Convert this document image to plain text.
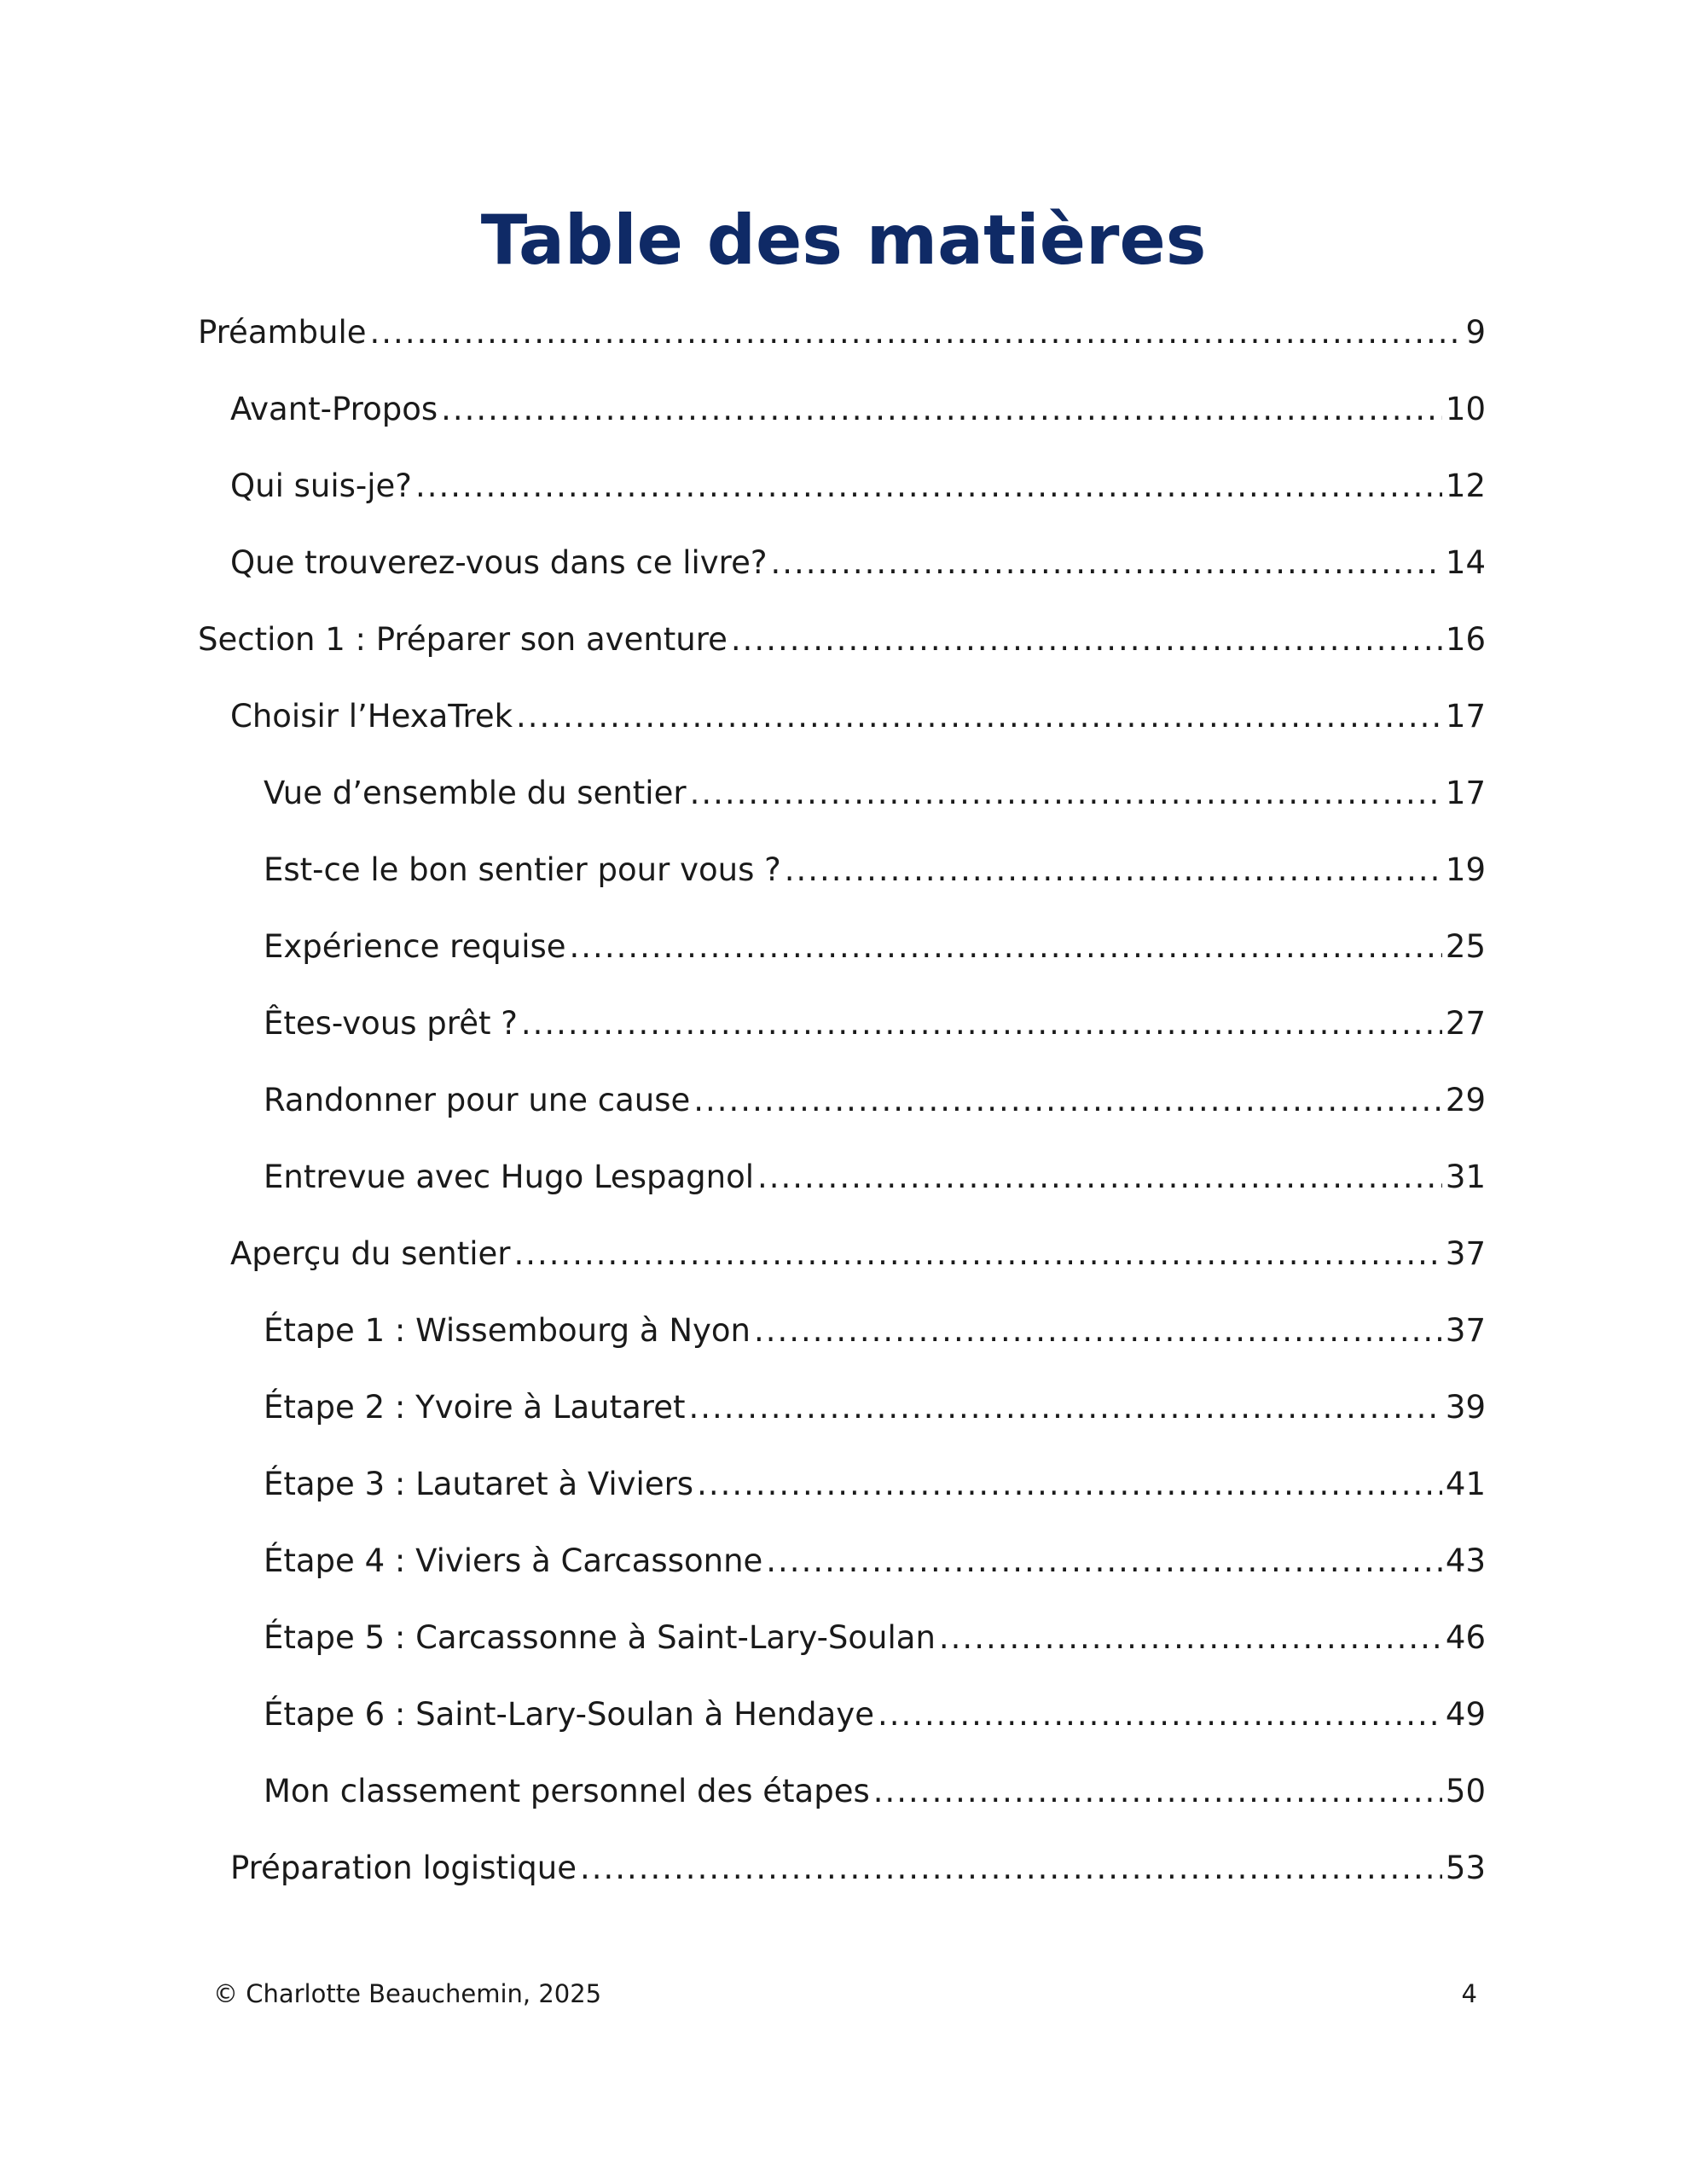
Table des matières
Préambule .....	9
Avant-Propos .....	10
Qui suis-je? .....	12
Que trouverez-vous dans ce livre? .....	14
Section 1 : Préparer son aventure .....	16
Choisir l’HexaTrek .....	17
Vue d’ensemble du sentier .....	17
Est-ce le bon sentier pour vous ? .....	19
Expérience requise .....	25
Êtes-vous prêt ? .....	27
Randonner pour une cause .....	29
Entrevue avec Hugo Lespagnol .....	31
Aperçu du sentier .....	37
Étape 1 : Wissembourg à Nyon .....	37
Étape 2 : Yvoire à Lautaret .....	39
Étape 3 : Lautaret à Viviers .....	41
Étape 4 : Viviers à Carcassonne .....	43
Étape 5 : Carcassonne à Saint-Lary-Soulan .....	46
Étape 6 : Saint-Lary-Soulan à Hendaye .....	49
Mon classement personnel des étapes .....	50
Préparation logistique .....	53
© Charlotte Beauchemin, 2025	4
